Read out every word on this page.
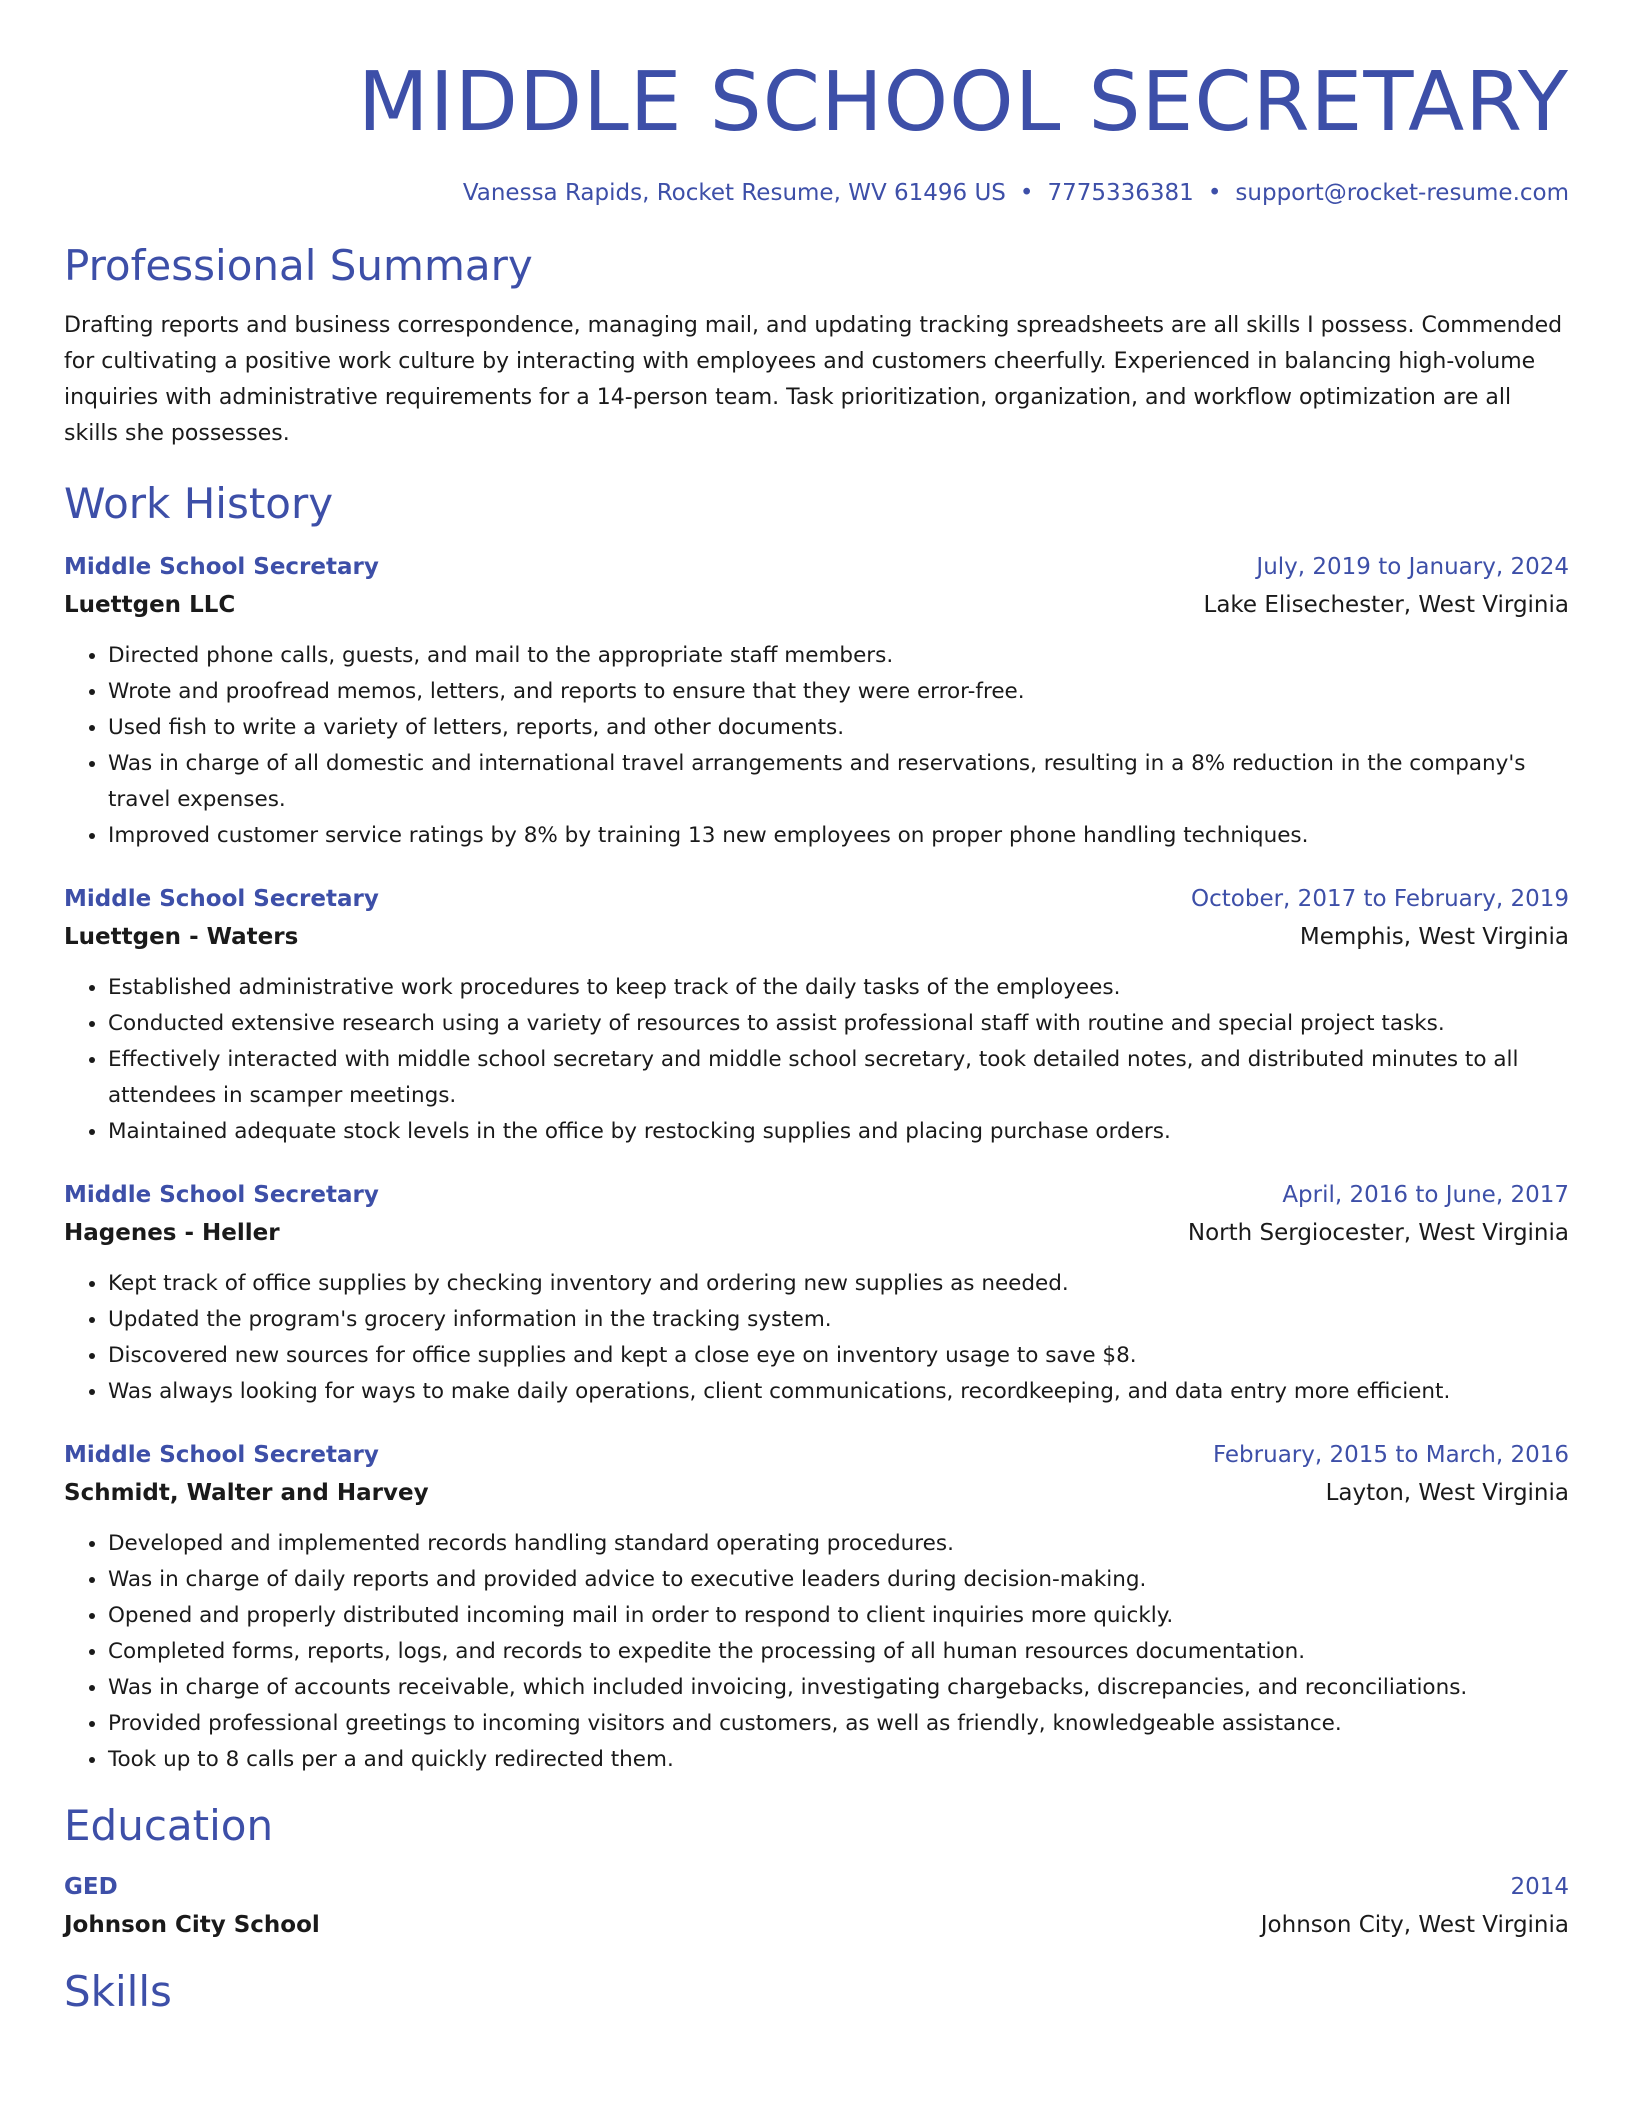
MIDDLE SCHOOL SECRETARY
Vanessa Rapids, Rocket Resume, WV 61496 US • 7775336381 • support@rocket-resume.com
Professional Summary
Drafting reports and business correspondence, managing mail, and updating tracking spreadsheets are all skills I possess. Commended for cultivating a positive work culture by interacting with employees and customers cheerfully. Experienced in balancing high-volume inquiries with administrative requirements for a 14-person team. Task prioritization, organization, and workflow optimization are all skills she possesses.
Work History
Middle School Secretary	July, 2019 to January, 2024
Luettgen LLC	Lake Elisechester, West Virginia
• Directed phone calls, guests, and mail to the appropriate staff members.
• Wrote and proofread memos, letters, and reports to ensure that they were error-free.
• Used fish to write a variety of letters, reports, and other documents.
• Was in charge of all domestic and international travel arrangements and reservations, resulting in a 8% reduction in the company's travel expenses.
• Improved customer service ratings by 8% by training 13 new employees on proper phone handling techniques.
Middle School Secretary	October, 2017 to February, 2019
Luettgen - Waters	Memphis, West Virginia
• Established administrative work procedures to keep track of the daily tasks of the employees.
• Conducted extensive research using a variety of resources to assist professional staff with routine and special project tasks.
• Effectively interacted with middle school secretary and middle school secretary, took detailed notes, and distributed minutes to all attendees in scamper meetings.
• Maintained adequate stock levels in the office by restocking supplies and placing purchase orders.
Middle School Secretary	April, 2016 to June, 2017
Hagenes - Heller	North Sergiocester, West Virginia
• Kept track of office supplies by checking inventory and ordering new supplies as needed.
• Updated the program's grocery information in the tracking system.
• Discovered new sources for office supplies and kept a close eye on inventory usage to save $8.
• Was always looking for ways to make daily operations, client communications, recordkeeping, and data entry more efficient.
Middle School Secretary	February, 2015 to March, 2016
Schmidt, Walter and Harvey	Layton, West Virginia
• Developed and implemented records handling standard operating procedures.
• Was in charge of daily reports and provided advice to executive leaders during decision-making.
• Opened and properly distributed incoming mail in order to respond to client inquiries more quickly.
• Completed forms, reports, logs, and records to expedite the processing of all human resources documentation.
• Was in charge of accounts receivable, which included invoicing, investigating chargebacks, discrepancies, and reconciliations.
• Provided professional greetings to incoming visitors and customers, as well as friendly, knowledgeable assistance.
• Took up to 8 calls per a and quickly redirected them.
Education
GED	2014
Johnson City School	Johnson City, West Virginia
Skills
